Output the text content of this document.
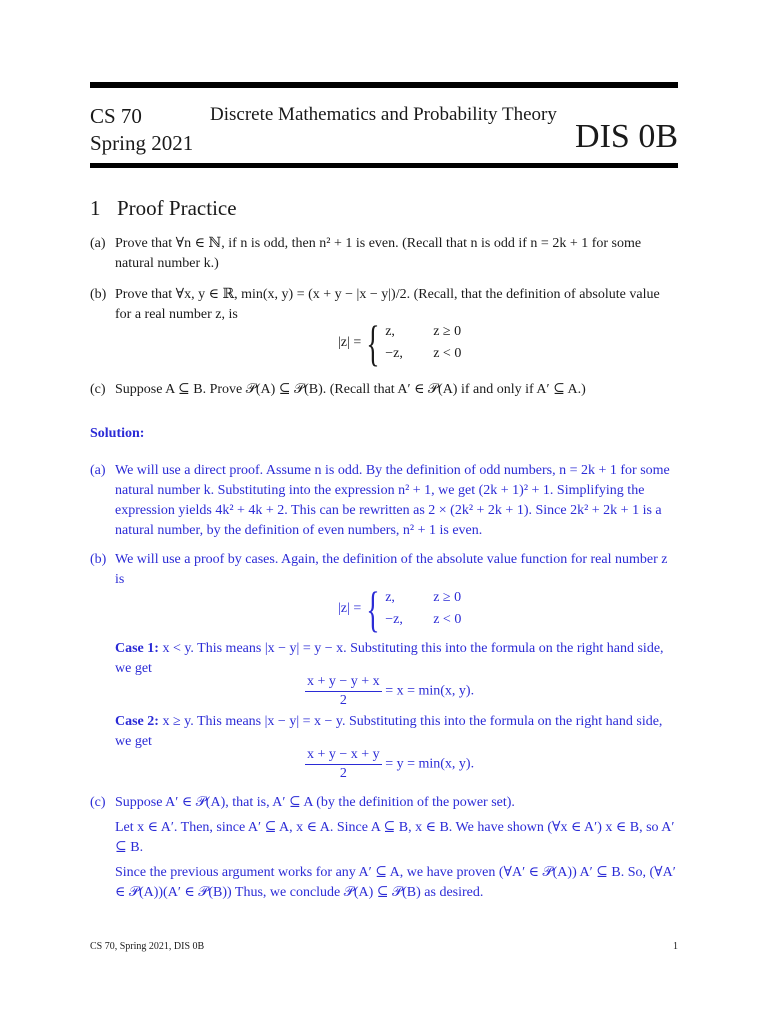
CS 70	Discrete Mathematics and Probability Theory
Spring 2021	DIS 0B
1 Proof Practice
(a) Prove that ∀n ∈ ℕ, if n is odd, then n² + 1 is even. (Recall that n is odd if n = 2k + 1 for some natural number k.)
(b) Prove that ∀x, y ∈ ℝ, min(x, y) = (x + y − |x − y|)/2. (Recall, that the definition of absolute value for a real number z, is
|z| = { z,	z ≥ 0
−z, z < 0
(c) Suppose A ⊆ B. Prove 𝒫(A) ⊆ 𝒫(B). (Recall that A′ ∈ 𝒫(A) if and only if A′ ⊆ A.)
Solution:
(a) We will use a direct proof. Assume n is odd. By the definition of odd numbers, n = 2k + 1 for some natural number k. Substituting into the expression n² + 1, we get (2k + 1)² + 1. Simplifying the expression yields 4k² + 4k + 2. This can be rewritten as 2 × (2k² + 2k + 1). Since 2k² + 2k + 1 is a natural number, by the definition of even numbers, n² + 1 is even.
(b) We will use a proof by cases. Again, the definition of the absolute value function for real number z is
|z| = { z,	z ≥ 0
−z, z < 0
Case 1: x < y. This means |x − y| = y − x. Substituting this into the formula on the right hand side, we get
$\frac{x + y - y + x}{2} = x = \min(x$, y).
Case 2: x ≥ y. This means |x − y| = x − y. Substituting this into the formula on the right hand side, we get
$\frac{x + y - x + y}{2} = y = \min(x$, y).
(c) Suppose A′ ∈ 𝒫(A), that is, A′ ⊆ A (by the definition of the power set).
Let x ∈ A′. Then, since A′ ⊆ A, x ∈ A. Since A ⊆ B, x ∈ B. We have shown (∀x ∈ A′) x ∈ B, so A′ ⊆ B.
Since the previous argument works for any A′ ⊆ A, we have proven (∀A′ ∈ 𝒫(A)) A′ ⊆ B. So, (∀A′ ∈ 𝒫(A))(A′ ∈ 𝒫(B)) Thus, we conclude 𝒫(A) ⊆ 𝒫(B) as desired.
CS 70, Spring 2021, DIS 0B	1
